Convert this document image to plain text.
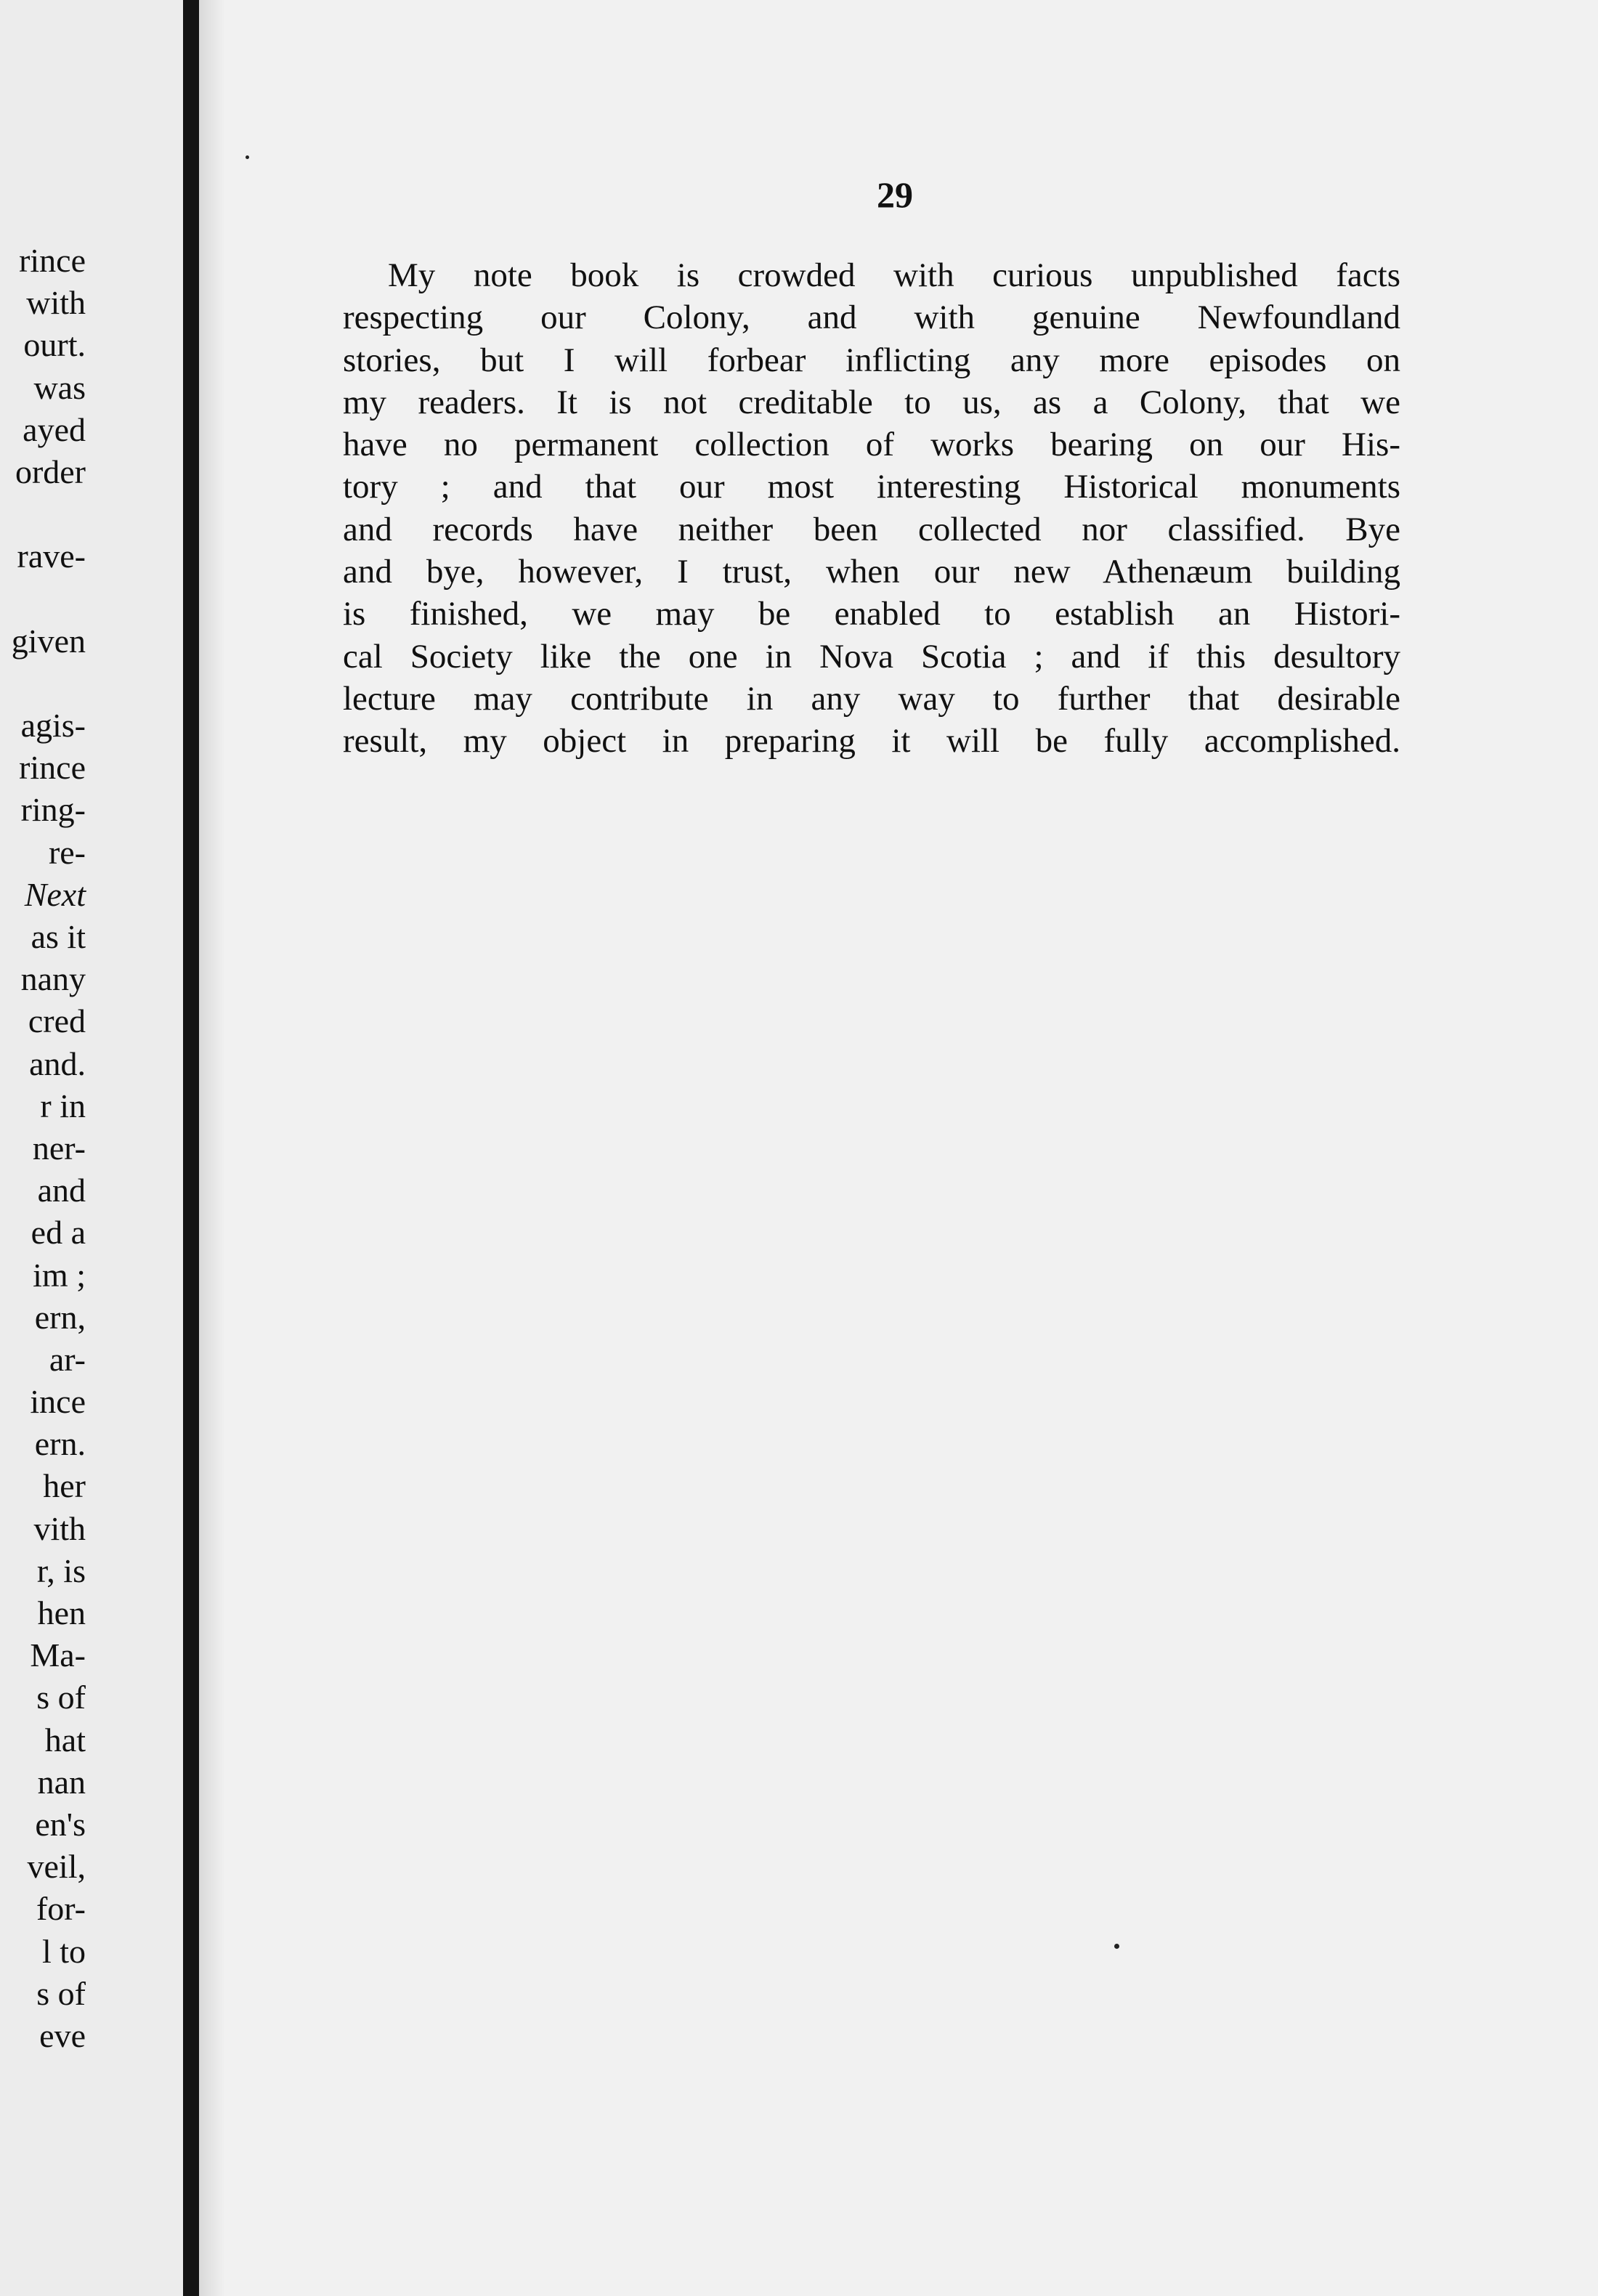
rince
with
ourt.
was
ayed
order
rave-
given
agis-
rince
ring-
re-
Next
as it
nany
cred
and.
r in
ner-
and
ed a
im ;
ern,
ar-
ince
ern.
her
vith
r, is
hen
Ma-
s of
hat
nan
en's
veil,
for-
l to
s of
eve
29
My note book is crowded with curious unpublished facts
respecting our Colony, and with genuine Newfoundland
stories, but I will forbear inflicting any more episodes on
my readers. It is not creditable to us, as a Colony, that we
have no permanent collection of works bearing on our His-
tory ; and that our most interesting Historical monuments
and records have neither been collected nor classified. Bye
and bye, however, I trust, when our new Athenæum building
is finished, we may be enabled to establish an Histori-
cal Society like the one in Nova Scotia ; and if this desultory
lecture may contribute in any way to further that desirable
result, my object in preparing it will be fully accomplished.
